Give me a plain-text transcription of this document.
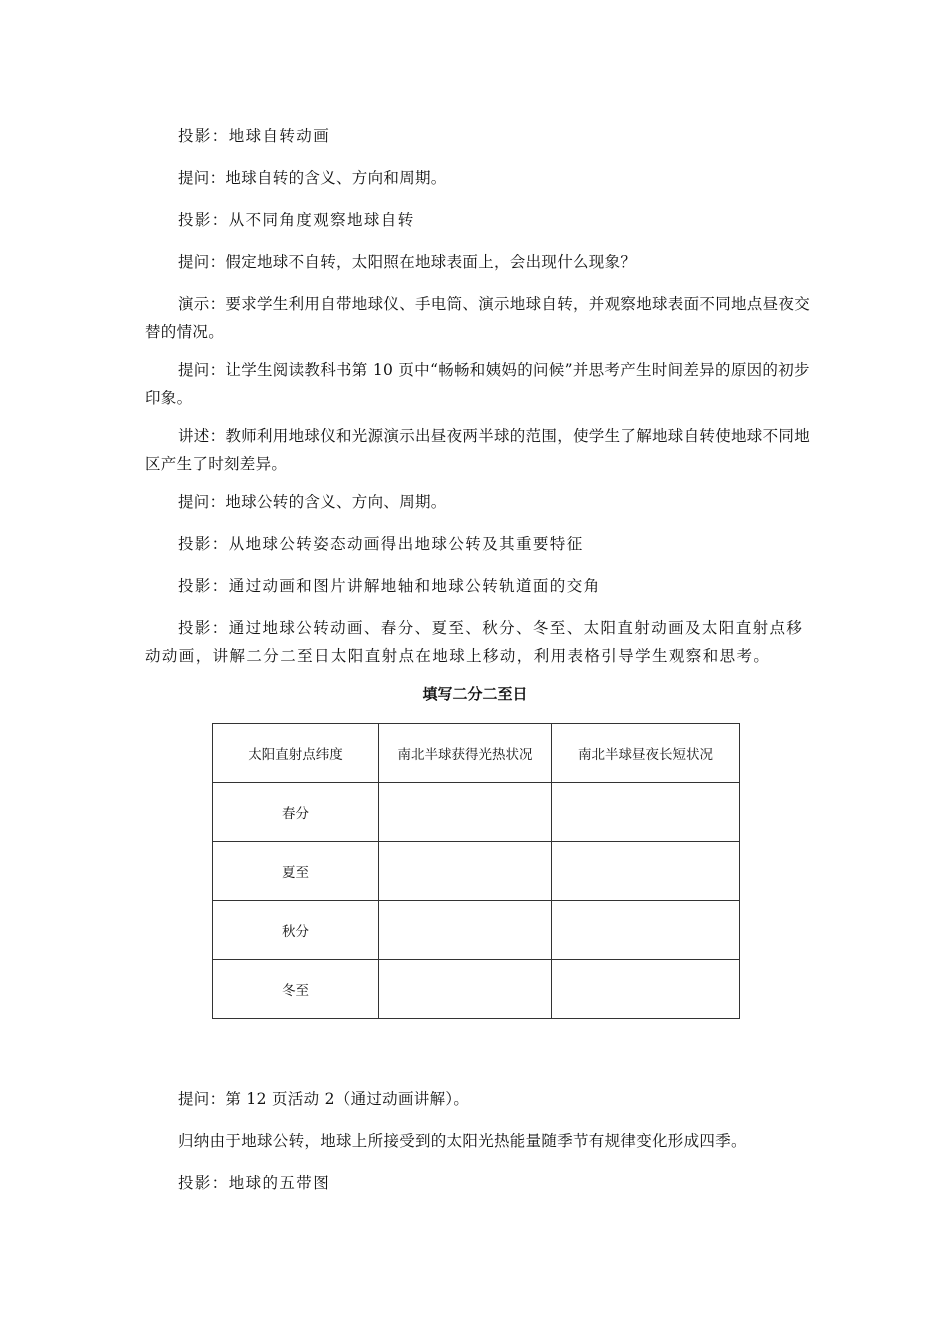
投影：地球自转动画

提问：地球自转的含义、方向和周期。

投影：从不同角度观察地球自转

提问：假定地球不自转，太阳照在地球表面上，会出现什么现象？

演示：要求学生利用自带地球仪、手电筒、演示地球自转，并观察地球表面不同地点昼夜交替的情况。

提问：让学生阅读教科书第 10 页中“畅畅和姨妈的问候”并思考产生时间差异的原因的初步印象。

讲述：教师利用地球仪和光源演示出昼夜两半球的范围，使学生了解地球自转使地球不同地区产生了时刻差异。

提问：地球公转的含义、方向、周期。

投影：从地球公转姿态动画得出地球公转及其重要特征

投影：通过动画和图片讲解地轴和地球公转轨道面的交角

投影：通过地球公转动画、春分、夏至、秋分、冬至、太阳直射动画及太阳直射点移动动画，讲解二分二至日太阳直射点在地球上移动，利用表格引导学生观察和思考。

填写二分二至日

太阳直射点纬度	南北半球获得光热状况	南北半球昼夜长短状况
春分		
夏至		
秋分		
冬至		

提问：第 12 页活动 2（通过动画讲解）。

归纳由于地球公转，地球上所接受到的太阳光热能量随季节有规律变化形成四季。

投影：地球的五带图
